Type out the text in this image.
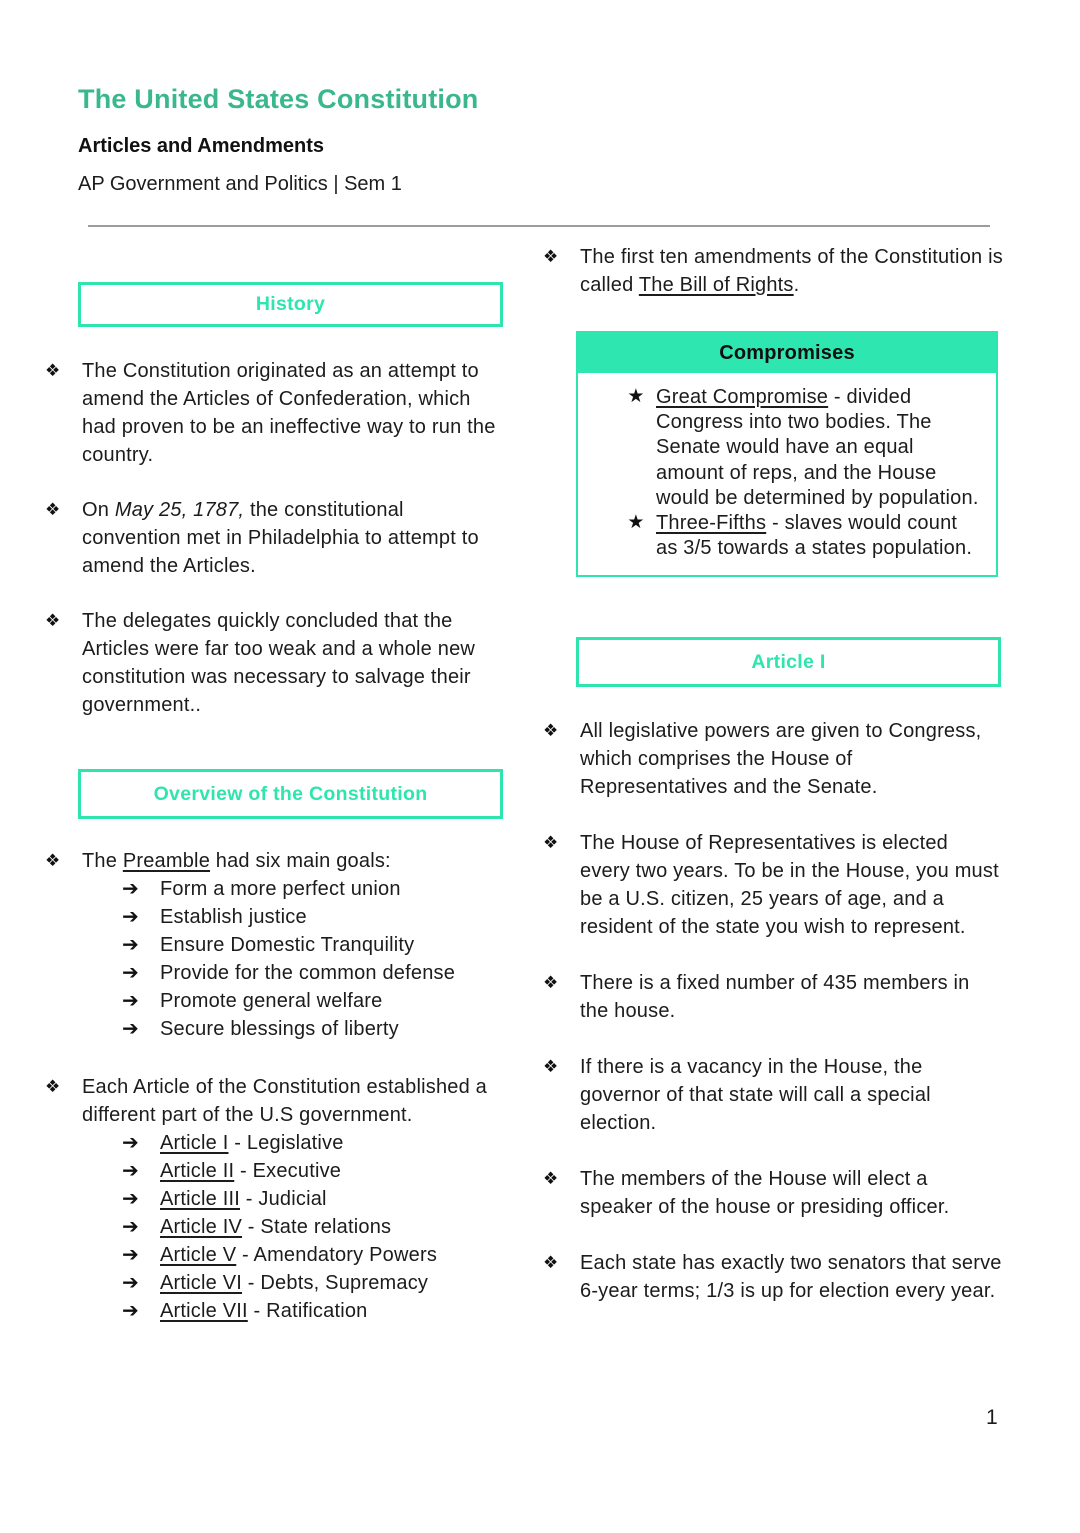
The United States Constitution
Articles and Amendments
AP Government and Politics | Sem 1
History
❖	The Constitution originated as an attempt to amend the Articles of Confederation, which had proven to be an ineffective way to run the country.
❖	On May 25, 1787, the constitutional convention met in Philadelphia to attempt to amend the Articles.
❖	The delegates quickly concluded that the Articles were far too weak and a whole new constitution was necessary to salvage their government..
Overview of the Constitution
❖	The Preamble had six main goals:
➔	Form a more perfect union
➔	Establish justice
➔	Ensure Domestic Tranquility
➔	Provide for the common defense
➔	Promote general welfare
➔	Secure blessings of liberty
❖	Each Article of the Constitution established a different part of the U.S government.
➔	Article I - Legislative
➔	Article II - Executive
➔	Article III - Judicial
➔	Article IV - State relations
➔	Article V - Amendatory Powers
➔	Article VI - Debts, Supremacy
➔	Article VII - Ratification
❖	The first ten amendments of the Constitution is called The Bill of Rights.
Compromises
★ Great Compromise - divided Congress into two bodies. The Senate would have an equal amount of reps, and the House would be determined by population.
★ Three-Fifths - slaves would count as 3/5 towards a states population.
Article I
❖	All legislative powers are given to Congress, which comprises the House of Representatives and the Senate.
❖	The House of Representatives is elected every two years. To be in the House, you must be a U.S. citizen, 25 years of age, and a resident of the state you wish to represent.
❖	There is a fixed number of 435 members in the house.
❖	If there is a vacancy in the House, the governor of that state will call a special election.
❖	The members of the House will elect a speaker of the house or presiding officer.
❖	Each state has exactly two senators that serve 6-year terms; 1/3 is up for election every year.
1
